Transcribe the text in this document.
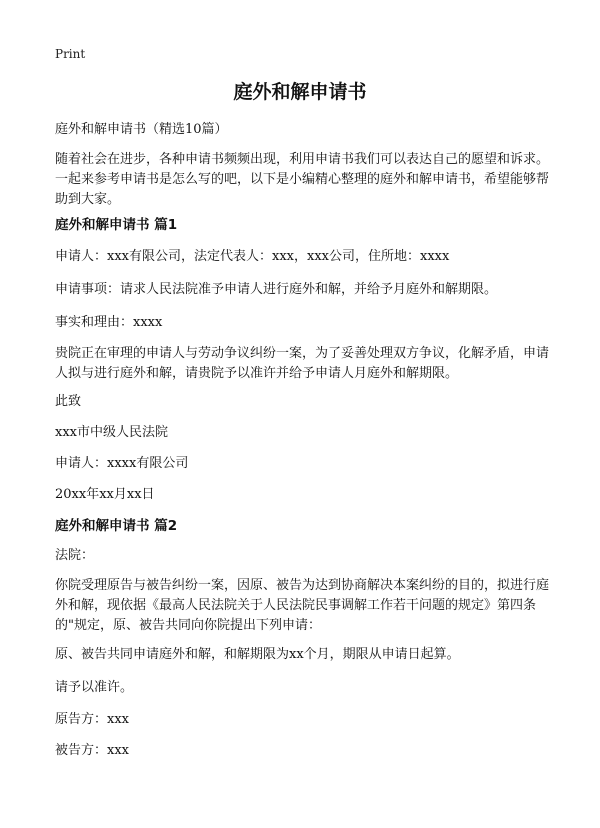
Print
庭外和解申请书

庭外和解申请书（精选10篇）

随着社会在进步，各种申请书频频出现，利用申请书我们可以表达自己的愿望和诉求。一起来参考申请书是怎么写的吧，以下是小编精心整理的庭外和解申请书，希望能够帮助到大家。

庭外和解申请书 篇1

申请人：xxx有限公司，法定代表人：xxx，xxx公司，住所地：xxxx

申请事项：请求人民法院准予申请人进行庭外和解，并给予月庭外和解期限。

事实和理由：xxxx

贵院正在审理的申请人与劳动争议纠纷一案，为了妥善处理双方争议，化解矛盾，申请人拟与进行庭外和解，请贵院予以准许并给予申请人月庭外和解期限。

此致

xxx市中级人民法院

申请人：xxxx有限公司

20xx年xx月xx日

庭外和解申请书 篇2

法院：

你院受理原告与被告纠纷一案，因原、被告为达到协商解决本案纠纷的目的，拟进行庭外和解，现依据《最高人民法院关于人民法院民事调解工作若干问题的规定》第四条的"规定，原、被告共同向你院提出下列申请：

原、被告共同申请庭外和解，和解期限为xx个月，期限从申请日起算。

请予以准许。

原告方：xxx

被告方：xxx
